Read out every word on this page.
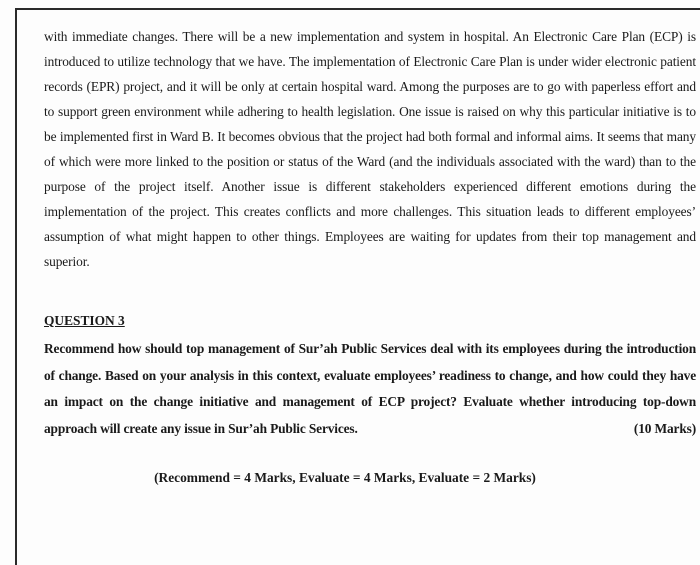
with immediate changes. There will be a new implementation and system in hospital. An Electronic Care Plan (ECP) is introduced to utilize technology that we have. The implementation of Electronic Care Plan is under wider electronic patient records (EPR) project, and it will be only at certain hospital ward. Among the purposes are to go with paperless effort and to support green environment while adhering to health legislation. One issue is raised on why this particular initiative is to be implemented first in Ward B. It becomes obvious that the project had both formal and informal aims. It seems that many of which were more linked to the position or status of the Ward (and the individuals associated with the ward) than to the purpose of the project itself. Another issue is different stakeholders experienced different emotions during the implementation of the project. This creates conflicts and more challenges. This situation leads to different employees’ assumption of what might happen to other things. Employees are waiting for updates from their top management and superior.

QUESTION 3

Recommend how should top management of Sur’ah Public Services deal with its employees during the introduction of change. Based on your analysis in this context, evaluate employees’ readiness to change, and how could they have an impact on the change initiative and management of ECP project? Evaluate whether introducing top-down approach will create any issue in Sur’ah Public Services.	(10 Marks)

(Recommend = 4 Marks, Evaluate = 4 Marks, Evaluate = 2 Marks)
